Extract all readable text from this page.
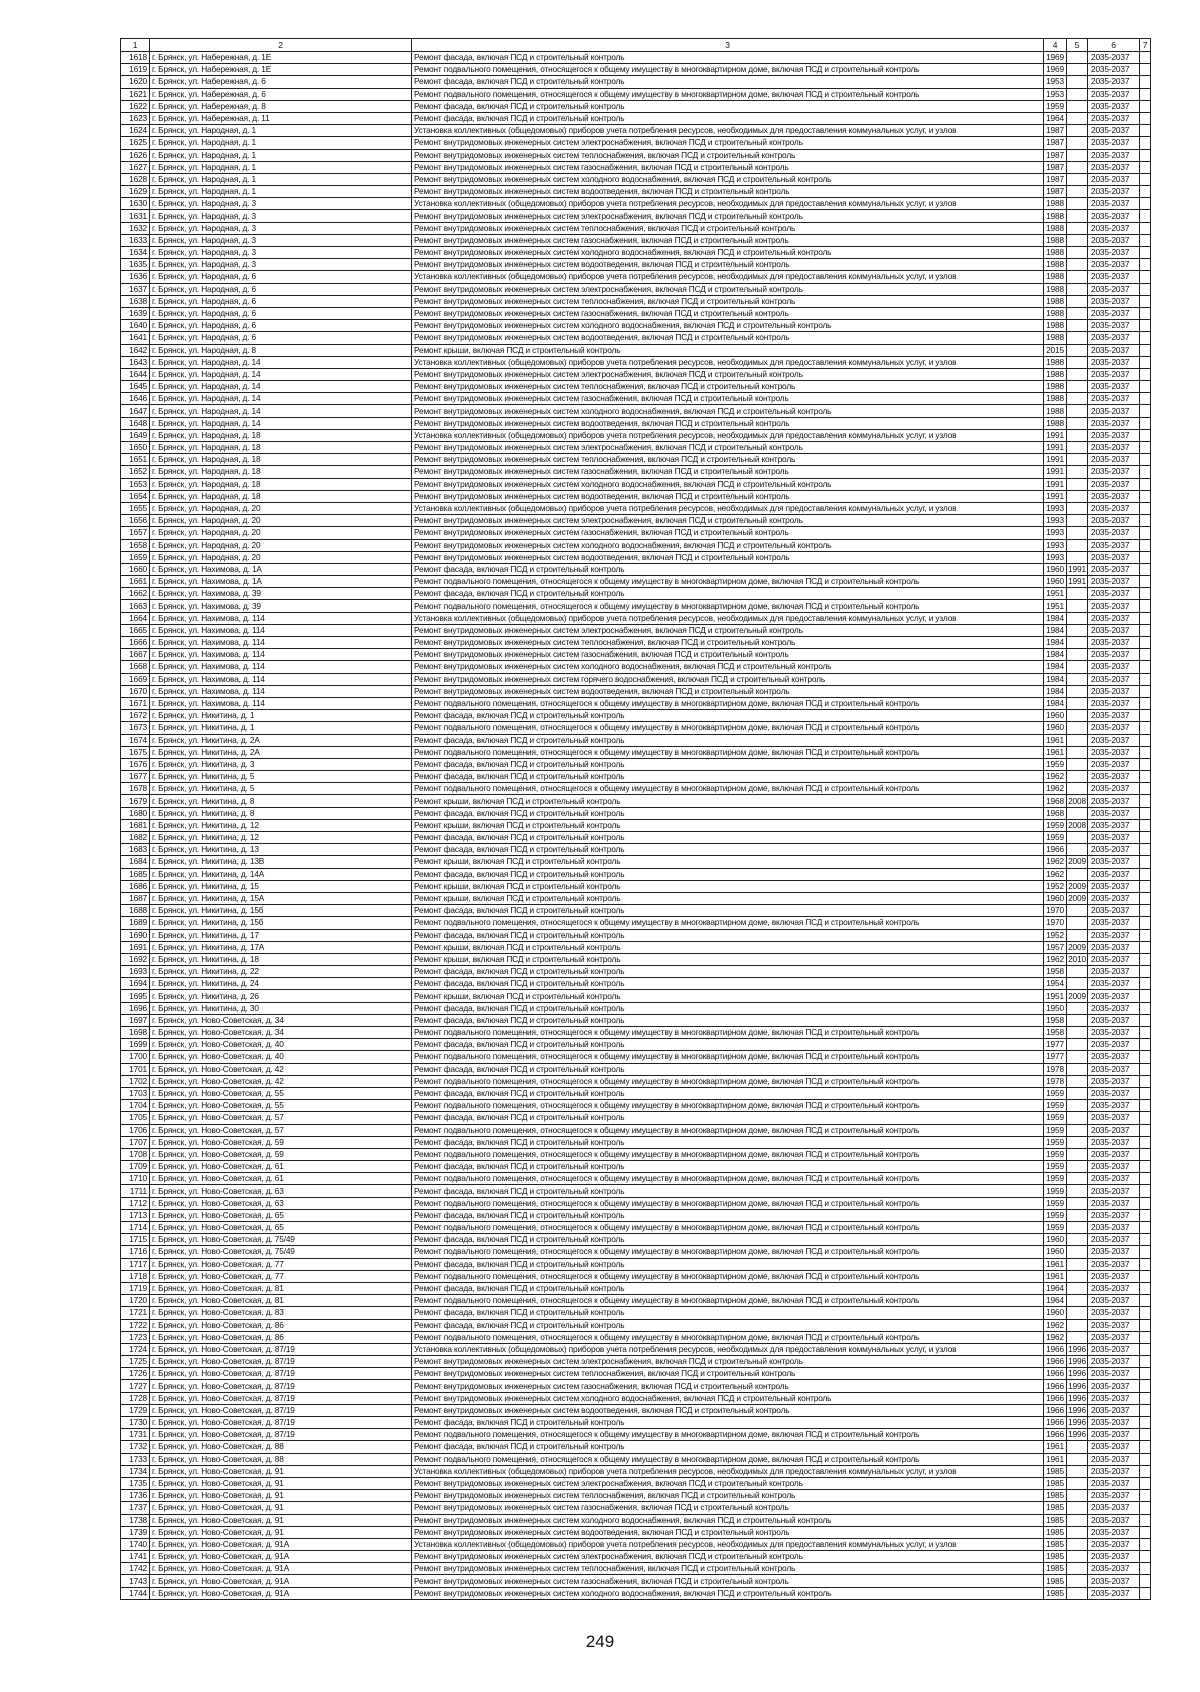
1	2	3	4	5	6	7
1618	г. Брянск, ул. Набережная, д. 1Е	Ремонт фасада, включая ПСД и строительный контроль	1969		2035-2037	
1619	г. Брянск, ул. Набережная, д. 1Е	Ремонт подвального помещения, относящегося к общему имуществу в многоквартирном доме, включая ПСД и строительный контроль	1969		2035-2037	
1620	г. Брянск, ул. Набережная, д. 6	Ремонт фасада, включая ПСД и строительный контроль	1953		2035-2037	
1621	г. Брянск, ул. Набережная, д. 6	Ремонт подвального помещения, относящегося к общему имуществу в многоквартирном доме, включая ПСД и строительный контроль	1953		2035-2037	
1622	г. Брянск, ул. Набережная, д. 8	Ремонт фасада, включая ПСД и строительный контроль	1959		2035-2037	
1623	г. Брянск, ул. Набережная, д. 11	Ремонт фасада, включая ПСД и строительный контроль	1964		2035-2037	
1624	г. Брянск, ул. Народная, д. 1	Установка коллективных (общедомовых) приборов учета потребления ресурсов, необходимых для предоставления коммунальных услуг, и узлов	1987		2035-2037	
1625	г. Брянск, ул. Народная, д. 1	Ремонт внутридомовых инженерных систем электроснабжения, включая ПСД и строительный контроль	1987		2035-2037	
1626	г. Брянск, ул. Народная, д. 1	Ремонт внутридомовых инженерных систем теплоснабжения, включая ПСД и строительный контроль	1987		2035-2037	
1627	г. Брянск, ул. Народная, д. 1	Ремонт внутридомовых инженерных систем газоснабжения, включая ПСД и строительный контроль	1987		2035-2037	
1628	г. Брянск, ул. Народная, д. 1	Ремонт внутридомовых инженерных систем холодного водоснабжения, включая ПСД и строительный контроль	1987		2035-2037	
1629	г. Брянск, ул. Народная, д. 1	Ремонт внутридомовых инженерных систем водоотведения, включая ПСД и строительный контроль	1987		2035-2037	
1630	г. Брянск, ул. Народная, д. 3	Установка коллективных (общедомовых) приборов учета потребления ресурсов, необходимых для предоставления коммунальных услуг, и узлов	1988		2035-2037	
1631	г. Брянск, ул. Народная, д. 3	Ремонт внутридомовых инженерных систем электроснабжения, включая ПСД и строительный контроль	1988		2035-2037	
1632	г. Брянск, ул. Народная, д. 3	Ремонт внутридомовых инженерных систем теплоснабжения, включая ПСД и строительный контроль	1988		2035-2037	
1633	г. Брянск, ул. Народная, д. 3	Ремонт внутридомовых инженерных систем газоснабжения, включая ПСД и строительный контроль	1988		2035-2037	
1634	г. Брянск, ул. Народная, д. 3	Ремонт внутридомовых инженерных систем холодного водоснабжения, включая ПСД и строительный контроль	1988		2035-2037	
1635	г. Брянск, ул. Народная, д. 3	Ремонт внутридомовых инженерных систем водоотведения, включая ПСД и строительный контроль	1988		2035-2037	
1636	г. Брянск, ул. Народная, д. 6	Установка коллективных (общедомовых) приборов учета потребления ресурсов, необходимых для предоставления коммунальных услуг, и узлов	1988		2035-2037	
1637	г. Брянск, ул. Народная, д. 6	Ремонт внутридомовых инженерных систем электроснабжения, включая ПСД и строительный контроль	1988		2035-2037	
1638	г. Брянск, ул. Народная, д. 6	Ремонт внутридомовых инженерных систем теплоснабжения, включая ПСД и строительный контроль	1988		2035-2037	
1639	г. Брянск, ул. Народная, д. 6	Ремонт внутридомовых инженерных систем газоснабжения, включая ПСД и строительный контроль	1988		2035-2037	
1640	г. Брянск, ул. Народная, д. 6	Ремонт внутридомовых инженерных систем холодного водоснабжения, включая ПСД и строительный контроль	1988		2035-2037	
1641	г. Брянск, ул. Народная, д. 6	Ремонт внутридомовых инженерных систем водоотведения, включая ПСД и строительный контроль	1988		2035-2037	
1642	г. Брянск, ул. Народная, д. 8	Ремонт крыши, включая ПСД и строительный контроль	2015		2035-2037	
1643	г. Брянск, ул. Народная, д. 14	Установка коллективных (общедомовых) приборов учета потребления ресурсов, необходимых для предоставления коммунальных услуг, и узлов	1988		2035-2037	
1644	г. Брянск, ул. Народная, д. 14	Ремонт внутридомовых инженерных систем электроснабжения, включая ПСД и строительный контроль	1988		2035-2037	
1645	г. Брянск, ул. Народная, д. 14	Ремонт внутридомовых инженерных систем теплоснабжения, включая ПСД и строительный контроль	1988		2035-2037	
1646	г. Брянск, ул. Народная, д. 14	Ремонт внутридомовых инженерных систем газоснабжения, включая ПСД и строительный контроль	1988		2035-2037	
1647	г. Брянск, ул. Народная, д. 14	Ремонт внутридомовых инженерных систем холодного водоснабжения, включая ПСД и строительный контроль	1988		2035-2037	
1648	г. Брянск, ул. Народная, д. 14	Ремонт внутридомовых инженерных систем водоотведения, включая ПСД и строительный контроль	1988		2035-2037	
1649	г. Брянск, ул. Народная, д. 18	Установка коллективных (общедомовых) приборов учета потребления ресурсов, необходимых для предоставления коммунальных услуг, и узлов	1991		2035-2037	
1650	г. Брянск, ул. Народная, д. 18	Ремонт внутридомовых инженерных систем электроснабжения, включая ПСД и строительный контроль	1991		2035-2037	
1651	г. Брянск, ул. Народная, д. 18	Ремонт внутридомовых инженерных систем теплоснабжения, включая ПСД и строительный контроль	1991		2035-2037	
1652	г. Брянск, ул. Народная, д. 18	Ремонт внутридомовых инженерных систем газоснабжения, включая ПСД и строительный контроль	1991		2035-2037	
1653	г. Брянск, ул. Народная, д. 18	Ремонт внутридомовых инженерных систем холодного водоснабжения, включая ПСД и строительный контроль	1991		2035-2037	
1654	г. Брянск, ул. Народная, д. 18	Ремонт внутридомовых инженерных систем водоотведения, включая ПСД и строительный контроль	1991		2035-2037	
1655	г. Брянск, ул. Народная, д. 20	Установка коллективных (общедомовых) приборов учета потребления ресурсов, необходимых для предоставления коммунальных услуг, и узлов	1993		2035-2037	
1656	г. Брянск, ул. Народная, д. 20	Ремонт внутридомовых инженерных систем электроснабжения, включая ПСД и строительный контроль	1993		2035-2037	
1657	г. Брянск, ул. Народная, д. 20	Ремонт внутридомовых инженерных систем газоснабжения, включая ПСД и строительный контроль	1993		2035-2037	
1658	г. Брянск, ул. Народная, д. 20	Ремонт внутридомовых инженерных систем холодного водоснабжения, включая ПСД и строительный контроль	1993		2035-2037	
1659	г. Брянск, ул. Народная, д. 20	Ремонт внутридомовых инженерных систем водоотведения, включая ПСД и строительный контроль	1993		2035-2037	
1660	г. Брянск, ул. Нахимова, д. 1А	Ремонт фасада, включая ПСД и строительный контроль	1960	1991	2035-2037	
1661	г. Брянск, ул. Нахимова, д. 1А	Ремонт подвального помещения, относящегося к общему имуществу в многоквартирном доме, включая ПСД и строительный контроль	1960	1991	2035-2037	
1662	г. Брянск, ул. Нахимова, д. 39	Ремонт фасада, включая ПСД и строительный контроль	1951		2035-2037	
1663	г. Брянск, ул. Нахимова, д. 39	Ремонт подвального помещения, относящегося к общему имуществу в многоквартирном доме, включая ПСД и строительный контроль	1951		2035-2037	
1664	г. Брянск, ул. Нахимова, д. 114	Установка коллективных (общедомовых) приборов учета потребления ресурсов, необходимых для предоставления коммунальных услуг, и узлов	1984		2035-2037	
1665	г. Брянск, ул. Нахимова, д. 114	Ремонт внутридомовых инженерных систем электроснабжения, включая ПСД и строительный контроль	1984		2035-2037	
1666	г. Брянск, ул. Нахимова, д. 114	Ремонт внутридомовых инженерных систем теплоснабжения, включая ПСД и строительный контроль	1984		2035-2037	
1667	г. Брянск, ул. Нахимова, д. 114	Ремонт внутридомовых инженерных систем газоснабжения, включая ПСД и строительный контроль	1984		2035-2037	
1668	г. Брянск, ул. Нахимова, д. 114	Ремонт внутридомовых инженерных систем холодного водоснабжения, включая ПСД и строительный контроль	1984		2035-2037	
1669	г. Брянск, ул. Нахимова, д. 114	Ремонт внутридомовых инженерных систем горячего водоснабжения, включая ПСД и строительный контроль	1984		2035-2037	
1670	г. Брянск, ул. Нахимова, д. 114	Ремонт внутридомовых инженерных систем водоотведения, включая ПСД и строительный контроль	1984		2035-2037	
1671	г. Брянск, ул. Нахимова, д. 114	Ремонт подвального помещения, относящегося к общему имуществу в многоквартирном доме, включая ПСД и строительный контроль	1984		2035-2037	
1672	г. Брянск, ул. Никитина, д. 1	Ремонт фасада, включая ПСД и строительный контроль	1960		2035-2037	
1673	г. Брянск, ул. Никитина, д. 1	Ремонт подвального помещения, относящегося к общему имуществу в многоквартирном доме, включая ПСД и строительный контроль	1960		2035-2037	
1674	г. Брянск, ул. Никитина, д. 2А	Ремонт фасада, включая ПСД и строительный контроль	1961		2035-2037	
1675	г. Брянск, ул. Никитина, д. 2А	Ремонт подвального помещения, относящегося к общему имуществу в многоквартирном доме, включая ПСД и строительный контроль	1961		2035-2037	
1676	г. Брянск, ул. Никитина, д. 3	Ремонт фасада, включая ПСД и строительный контроль	1959		2035-2037	
1677	г. Брянск, ул. Никитина, д. 5	Ремонт фасада, включая ПСД и строительный контроль	1962		2035-2037	
1678	г. Брянск, ул. Никитина, д. 5	Ремонт подвального помещения, относящегося к общему имуществу в многоквартирном доме, включая ПСД и строительный контроль	1962		2035-2037	
1679	г. Брянск, ул. Никитина, д. 8	Ремонт крыши, включая ПСД и строительный контроль	1968	2008	2035-2037	
1680	г. Брянск, ул. Никитина, д. 8	Ремонт фасада, включая ПСД и строительный контроль	1968		2035-2037	
1681	г. Брянск, ул. Никитина, д. 12	Ремонт крыши, включая ПСД и строительный контроль	1959	2008	2035-2037	
1682	г. Брянск, ул. Никитина, д. 12	Ремонт фасада, включая ПСД и строительный контроль	1959		2035-2037	
1683	г. Брянск, ул. Никитина, д. 13	Ремонт фасада, включая ПСД и строительный контроль	1966		2035-2037	
1684	г. Брянск, ул. Никитина, д. 13В	Ремонт крыши, включая ПСД и строительный контроль	1962	2009	2035-2037	
1685	г. Брянск, ул. Никитина, д. 14А	Ремонт фасада, включая ПСД и строительный контроль	1962		2035-2037	
1686	г. Брянск, ул. Никитина, д. 15	Ремонт крыши, включая ПСД и строительный контроль	1952	2009	2035-2037	
1687	г. Брянск, ул. Никитина, д. 15А	Ремонт крыши, включая ПСД и строительный контроль	1960	2009	2035-2037	
1688	г. Брянск, ул. Никитина, д. 15б	Ремонт фасада, включая ПСД и строительный контроль	1970		2035-2037	
1689	г. Брянск, ул. Никитина, д. 15б	Ремонт подвального помещения, относящегося к общему имуществу в многоквартирном доме, включая ПСД и строительный контроль	1970		2035-2037	
1690	г. Брянск, ул. Никитина, д. 17	Ремонт фасада, включая ПСД и строительный контроль	1952		2035-2037	
1691	г. Брянск, ул. Никитина, д. 17А	Ремонт крыши, включая ПСД и строительный контроль	1957	2009	2035-2037	
1692	г. Брянск, ул. Никитина, д. 18	Ремонт крыши, включая ПСД и строительный контроль	1962	2010	2035-2037	
1693	г. Брянск, ул. Никитина, д. 22	Ремонт фасада, включая ПСД и строительный контроль	1958		2035-2037	
1694	г. Брянск, ул. Никитина, д. 24	Ремонт фасада, включая ПСД и строительный контроль	1954		2035-2037	
1695	г. Брянск, ул. Никитина, д. 26	Ремонт крыши, включая ПСД и строительный контроль	1951	2009	2035-2037	
1696	г. Брянск, ул. Никитина, д. 30	Ремонт фасада, включая ПСД и строительный контроль	1950		2035-2037	
1697	г. Брянск, ул. Ново-Советская, д. 34	Ремонт фасада, включая ПСД и строительный контроль	1958		2035-2037	
1698	г. Брянск, ул. Ново-Советская, д. 34	Ремонт подвального помещения, относящегося к общему имуществу в многоквартирном доме, включая ПСД и строительный контроль	1958		2035-2037	
1699	г. Брянск, ул. Ново-Советская, д. 40	Ремонт фасада, включая ПСД и строительный контроль	1977		2035-2037	
1700	г. Брянск, ул. Ново-Советская, д. 40	Ремонт подвального помещения, относящегося к общему имуществу в многоквартирном доме, включая ПСД и строительный контроль	1977		2035-2037	
1701	г. Брянск, ул. Ново-Советская, д. 42	Ремонт фасада, включая ПСД и строительный контроль	1978		2035-2037	
1702	г. Брянск, ул. Ново-Советская, д. 42	Ремонт подвального помещения, относящегося к общему имуществу в многоквартирном доме, включая ПСД и строительный контроль	1978		2035-2037	
1703	г. Брянск, ул. Ново-Советская, д. 55	Ремонт фасада, включая ПСД и строительный контроль	1959		2035-2037	
1704	г. Брянск, ул. Ново-Советская, д. 55	Ремонт подвального помещения, относящегося к общему имуществу в многоквартирном доме, включая ПСД и строительный контроль	1959		2035-2037	
1705	г. Брянск, ул. Ново-Советская, д. 57	Ремонт фасада, включая ПСД и строительный контроль	1959		2035-2037	
1706	г. Брянск, ул. Ново-Советская, д. 57	Ремонт подвального помещения, относящегося к общему имуществу в многоквартирном доме, включая ПСД и строительный контроль	1959		2035-2037	
1707	г. Брянск, ул. Ново-Советская, д. 59	Ремонт фасада, включая ПСД и строительный контроль	1959		2035-2037	
1708	г. Брянск, ул. Ново-Советская, д. 59	Ремонт подвального помещения, относящегося к общему имуществу в многоквартирном доме, включая ПСД и строительный контроль	1959		2035-2037	
1709	г. Брянск, ул. Ново-Советская, д. 61	Ремонт фасада, включая ПСД и строительный контроль	1959		2035-2037	
1710	г. Брянск, ул. Ново-Советская, д. 61	Ремонт подвального помещения, относящегося к общему имуществу в многоквартирном доме, включая ПСД и строительный контроль	1959		2035-2037	
1711	г. Брянск, ул. Ново-Советская, д. 63	Ремонт фасада, включая ПСД и строительный контроль	1959		2035-2037	
1712	г. Брянск, ул. Ново-Советская, д. 63	Ремонт подвального помещения, относящегося к общему имуществу в многоквартирном доме, включая ПСД и строительный контроль	1959		2035-2037	
1713	г. Брянск, ул. Ново-Советская, д. 65	Ремонт фасада, включая ПСД и строительный контроль	1959		2035-2037	
1714	г. Брянск, ул. Ново-Советская, д. 65	Ремонт подвального помещения, относящегося к общему имуществу в многоквартирном доме, включая ПСД и строительный контроль	1959		2035-2037	
1715	г. Брянск, ул. Ново-Советская, д. 75/49	Ремонт фасада, включая ПСД и строительный контроль	1960		2035-2037	
1716	г. Брянск, ул. Ново-Советская, д. 75/49	Ремонт подвального помещения, относящегося к общему имуществу в многоквартирном доме, включая ПСД и строительный контроль	1960		2035-2037	
1717	г. Брянск, ул. Ново-Советская, д. 77	Ремонт фасада, включая ПСД и строительный контроль	1961		2035-2037	
1718	г. Брянск, ул. Ново-Советская, д. 77	Ремонт подвального помещения, относящегося к общему имуществу в многоквартирном доме, включая ПСД и строительный контроль	1961		2035-2037	
1719	г. Брянск, ул. Ново-Советская, д. 81	Ремонт фасада, включая ПСД и строительный контроль	1964		2035-2037	
1720	г. Брянск, ул. Ново-Советская, д. 81	Ремонт подвального помещения, относящегося к общему имуществу в многоквартирном доме, включая ПСД и строительный контроль	1964		2035-2037	
1721	г. Брянск, ул. Ново-Советская, д. 83	Ремонт фасада, включая ПСД и строительный контроль	1960		2035-2037	
1722	г. Брянск, ул. Ново-Советская, д. 86	Ремонт фасада, включая ПСД и строительный контроль	1962		2035-2037	
1723	г. Брянск, ул. Ново-Советская, д. 86	Ремонт подвального помещения, относящегося к общему имуществу в многоквартирном доме, включая ПСД и строительный контроль	1962		2035-2037	
1724	г. Брянск, ул. Ново-Советская, д. 87/19	Установка коллективных (общедомовых) приборов учета потребления ресурсов, необходимых для предоставления коммунальных услуг, и узлов	1966	1996	2035-2037	
1725	г. Брянск, ул. Ново-Советская, д. 87/19	Ремонт внутридомовых инженерных систем электроснабжения, включая ПСД и строительный контроль	1966	1996	2035-2037	
1726	г. Брянск, ул. Ново-Советская, д. 87/19	Ремонт внутридомовых инженерных систем теплоснабжения, включая ПСД и строительный контроль	1966	1996	2035-2037	
1727	г. Брянск, ул. Ново-Советская, д. 87/19	Ремонт внутридомовых инженерных систем газоснабжения, включая ПСД и строительный контроль	1966	1996	2035-2037	
1728	г. Брянск, ул. Ново-Советская, д. 87/19	Ремонт внутридомовых инженерных систем холодного водоснабжения, включая ПСД и строительный контроль	1966	1996	2035-2037	
1729	г. Брянск, ул. Ново-Советская, д. 87/19	Ремонт внутридомовых инженерных систем водоотведения, включая ПСД и строительный контроль	1966	1996	2035-2037	
1730	г. Брянск, ул. Ново-Советская, д. 87/19	Ремонт фасада, включая ПСД и строительный контроль	1966	1996	2035-2037	
1731	г. Брянск, ул. Ново-Советская, д. 87/19	Ремонт подвального помещения, относящегося к общему имуществу в многоквартирном доме, включая ПСД и строительный контроль	1966	1996	2035-2037	
1732	г. Брянск, ул. Ново-Советская, д. 88	Ремонт фасада, включая ПСД и строительный контроль	1961		2035-2037	
1733	г. Брянск, ул. Ново-Советская, д. 88	Ремонт подвального помещения, относящегося к общему имуществу в многоквартирном доме, включая ПСД и строительный контроль	1961		2035-2037	
1734	г. Брянск, ул. Ново-Советская, д. 91	Установка коллективных (общедомовых) приборов учета потребления ресурсов, необходимых для предоставления коммунальных услуг, и узлов	1985		2035-2037	
1735	г. Брянск, ул. Ново-Советская, д. 91	Ремонт внутридомовых инженерных систем электроснабжения, включая ПСД и строительный контроль	1985		2035-2037	
1736	г. Брянск, ул. Ново-Советская, д. 91	Ремонт внутридомовых инженерных систем теплоснабжения, включая ПСД и строительный контроль	1985		2035-2037	
1737	г. Брянск, ул. Ново-Советская, д. 91	Ремонт внутридомовых инженерных систем газоснабжения, включая ПСД и строительный контроль	1985		2035-2037	
1738	г. Брянск, ул. Ново-Советская, д. 91	Ремонт внутридомовых инженерных систем холодного водоснабжения, включая ПСД и строительный контроль	1985		2035-2037	
1739	г. Брянск, ул. Ново-Советская, д. 91	Ремонт внутридомовых инженерных систем водоотведения, включая ПСД и строительный контроль	1985		2035-2037	
1740	г. Брянск, ул. Ново-Советская, д. 91А	Установка коллективных (общедомовых) приборов учета потребления ресурсов, необходимых для предоставления коммунальных услуг, и узлов	1985		2035-2037	
1741	г. Брянск, ул. Ново-Советская, д. 91А	Ремонт внутридомовых инженерных систем электроснабжения, включая ПСД и строительный контроль	1985		2035-2037	
1742	г. Брянск, ул. Ново-Советская, д. 91А	Ремонт внутридомовых инженерных систем теплоснабжения, включая ПСД и строительный контроль	1985		2035-2037	
1743	г. Брянск, ул. Ново-Советская, д. 91А	Ремонт внутридомовых инженерных систем газоснабжения, включая ПСД и строительный контроль	1985		2035-2037	
1744	г. Брянск, ул. Ново-Советская, д. 91А	Ремонт внутридомовых инженерных систем холодного водоснабжения, включая ПСД и строительный контроль	1985		2035-2037	
249
